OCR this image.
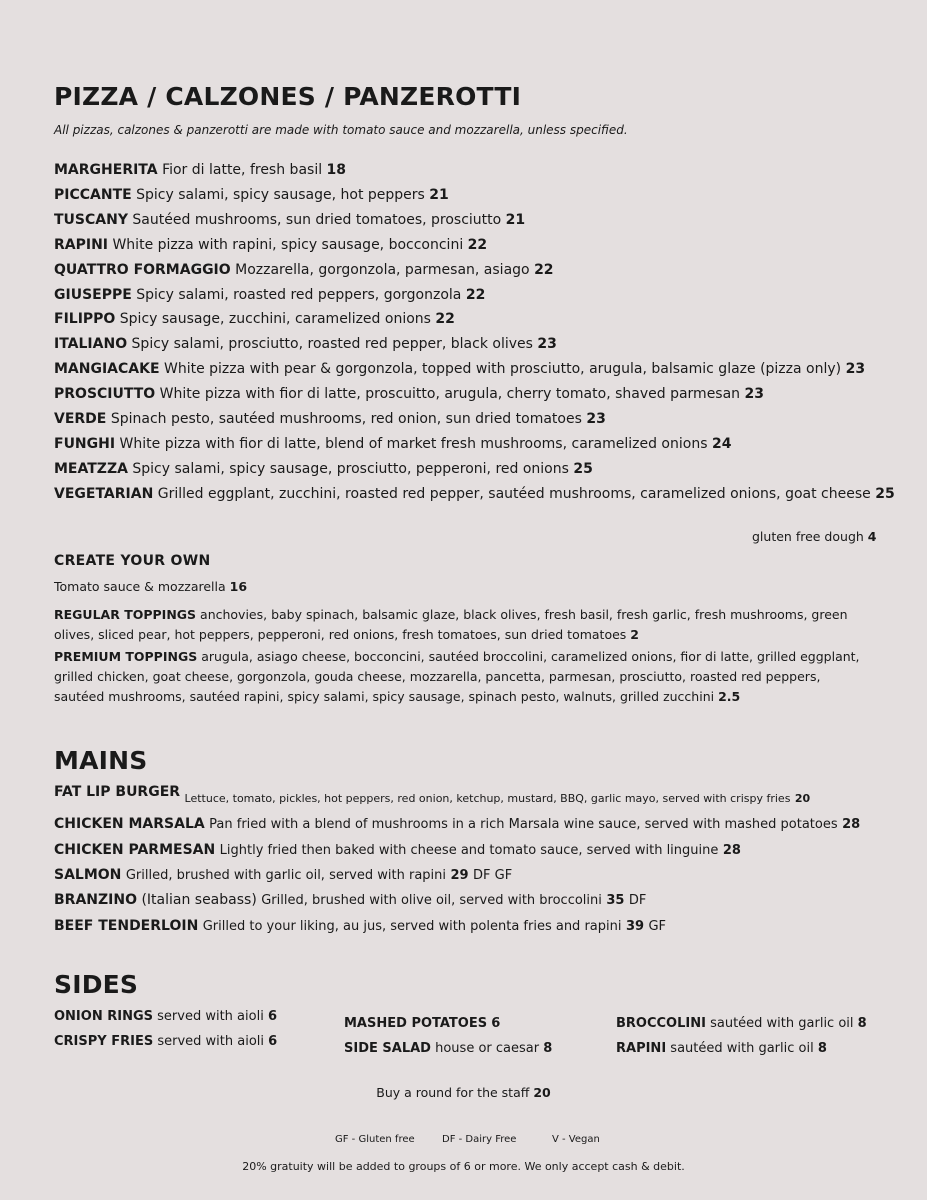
PIZZA / CALZONES / PANZEROTTI
All pizzas, calzones & panzerotti are made with tomato sauce and mozzarella, unless specified.
MARGHERITA Fior di latte, fresh basil 18
PICCANTE Spicy salami, spicy sausage, hot peppers 21
TUSCANY Sautéed mushrooms, sun dried tomatoes, prosciutto 21
RAPINI White pizza with rapini, spicy sausage, bocconcini 22
QUATTRO FORMAGGIO Mozzarella, gorgonzola, parmesan, asiago 22
GIUSEPPE Spicy salami, roasted red peppers, gorgonzola 22
FILIPPO Spicy sausage, zucchini, caramelized onions 22
ITALIANO Spicy salami, prosciutto, roasted red pepper, black olives 23
MANGIACAKE White pizza with pear & gorgonzola, topped with prosciutto, arugula, balsamic glaze (pizza only) 23
PROSCIUTTO White pizza with fior di latte, proscuitto, arugula, cherry tomato, shaved parmesan 23
VERDE Spinach pesto, sautéed mushrooms, red onion, sun dried tomatoes 23
FUNGHI White pizza with fior di latte, blend of market fresh mushrooms, caramelized onions 24
MEATZZA Spicy salami, spicy sausage, prosciutto, pepperoni, red onions 25
VEGETARIAN Grilled eggplant, zucchini, roasted red pepper, sautéed mushrooms, caramelized onions, goat cheese 25
gluten free dough 4
CREATE YOUR OWN
Tomato sauce & mozzarella 16
REGULAR TOPPINGS anchovies, baby spinach, balsamic glaze, black olives, fresh basil, fresh garlic, fresh mushrooms, green olives, sliced pear, hot peppers, pepperoni, red onions, fresh tomatoes, sun dried tomatoes 2
PREMIUM TOPPINGS arugula, asiago cheese, bocconcini, sautéed broccolini, caramelized onions, fior di latte, grilled eggplant, grilled chicken, goat cheese, gorgonzola, gouda cheese, mozzarella, pancetta, parmesan, prosciutto, roasted red peppers, sautéed mushrooms, sautéed rapini, spicy salami, spicy sausage, spinach pesto, walnuts, grilled zucchini 2.5
MAINS
FAT LIP BURGER $_{Lettuce, tomato, pickles, hot peppers, red onion, ketchup, mustard, BBQ, garlic mayo, served with crispy fries}$ $_{20}$
CHICKEN MARSALA Pan fried with a blend of mushrooms in a rich Marsala wine sauce, served with mashed potatoes 28
CHICKEN PARMESAN Lightly fried then baked with cheese and tomato sauce, served with linguine 28
SALMON Grilled, brushed with garlic oil, served with rapini 29 DF GF
BRANZINO (Italian seabass) Grilled, brushed with olive oil, served with broccolini 35 DF
BEEF TENDERLOIN Grilled to your liking, au jus, served with polenta fries and rapini 39 GF
SIDES
ONION RINGS served with aioli 6
CRISPY FRIES served with aioli 6
MASHED POTATOES 6
SIDE SALAD house or caesar 8
BROCCOLINI sautéed with garlic oil 8
RAPINI sautéed with garlic oil 8
Buy a round for the staff 20
GF - Gluten free	DF - Dairy Free	V - Vegan
20% gratuity will be added to groups of 6 or more. We only accept cash & debit.
